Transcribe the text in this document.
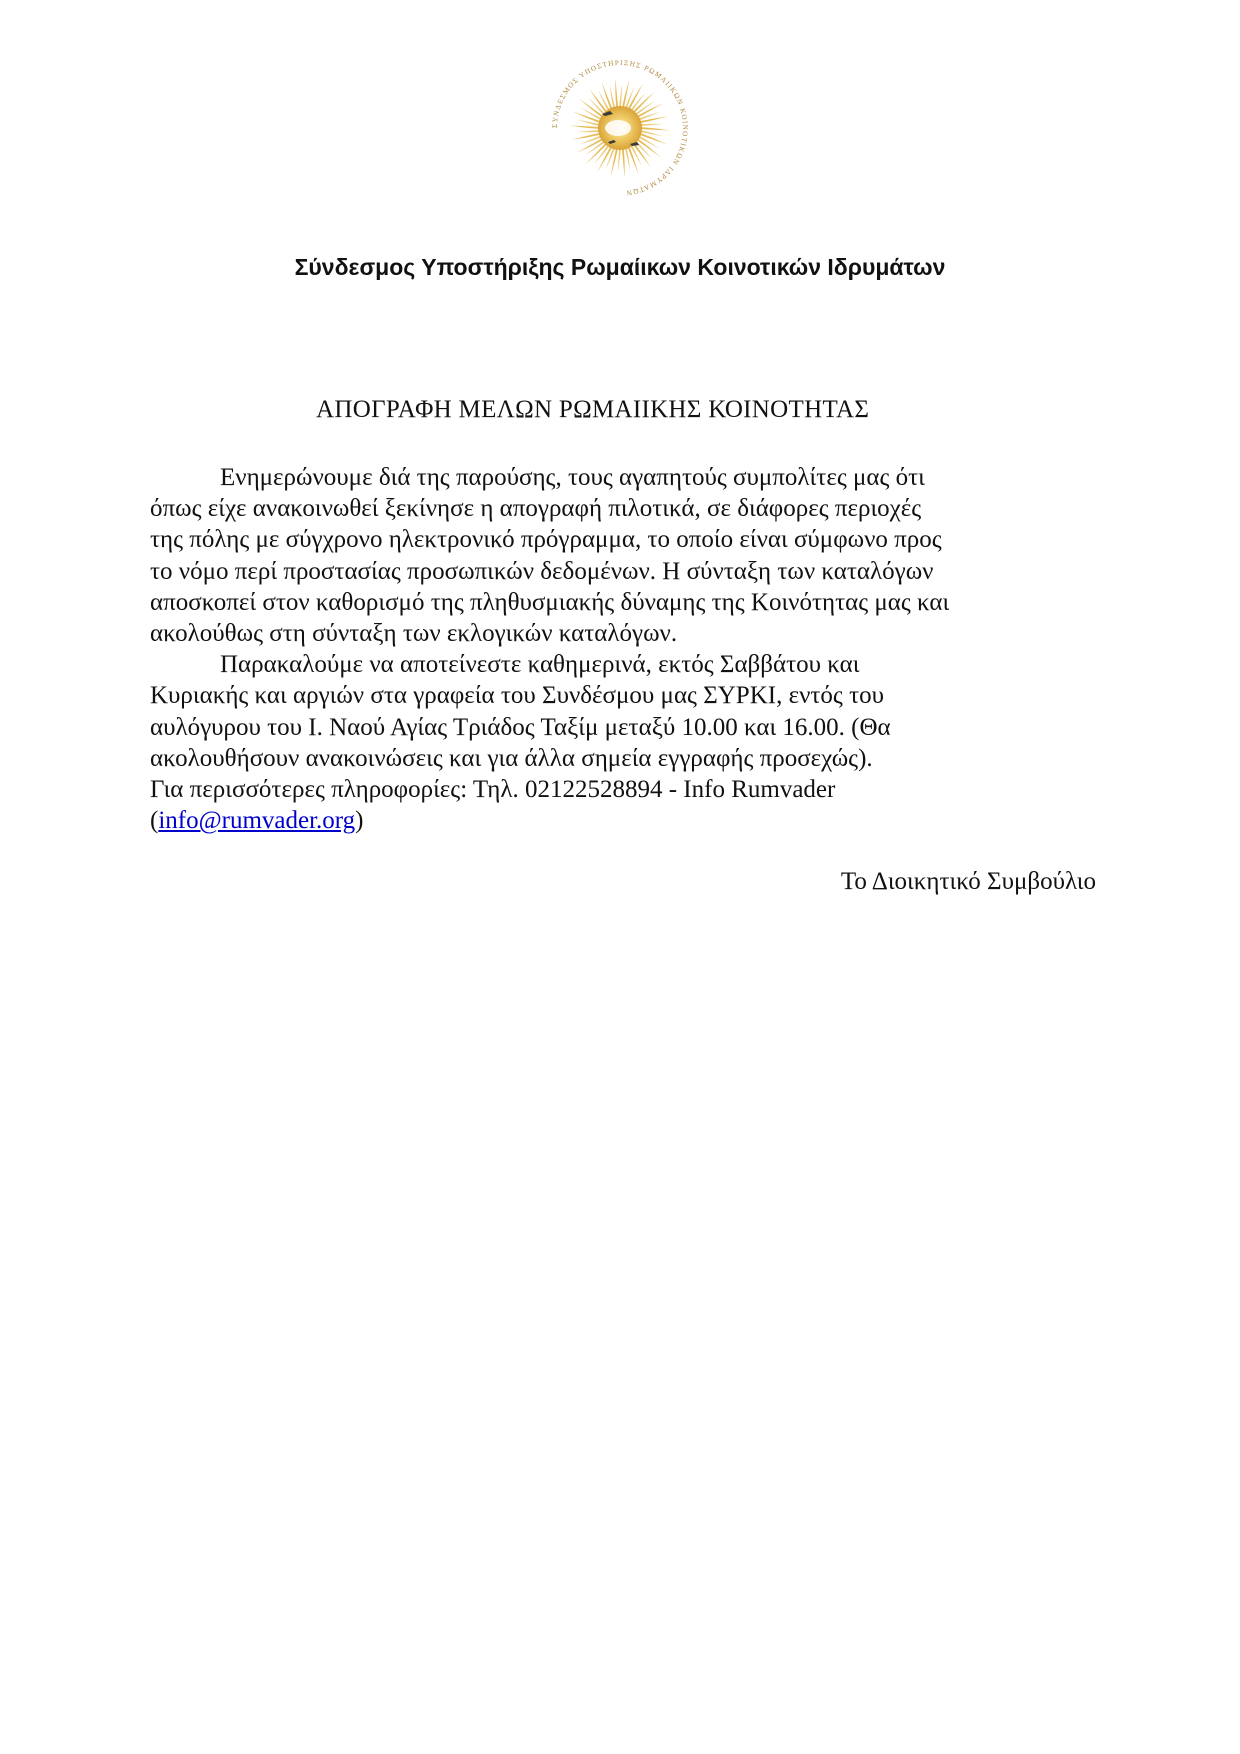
ΣΥΝΔΕΣΜΟΣ ΥΠΟΣΤΗΡΙΞΗΣ ΡΩΜΑΙΙΚΩΝ ΚΟΙΝΟΤΙΚΩΝ ΙΔΡΥΜΑΤΩΝ
Σύνδεσμος Υποστήριξης Ρωμαίικων Κοινοτικών Ιδρυμάτων
ΑΠΟΓΡΑΦΗ ΜΕΛΩΝ ΡΩΜΑΙΙΚΗΣ ΚΟΙΝΟΤΗΤΑΣ
Ενημερώνουμε διά της παρούσης, τους αγαπητούς συμπολίτες μας ότι
όπως είχε ανακοινωθεί ξεκίνησε η απογραφή πιλοτικά, σε διάφορες περιοχές
της πόλης με σύγχρονο ηλεκτρονικό πρόγραμμα, το οποίο είναι σύμφωνο προς
το νόμο περί προστασίας προσωπικών δεδομένων. Η σύνταξη των καταλόγων
αποσκοπεί στον καθορισμό της πληθυσμιακής δύναμης της Κοινότητας μας και
ακολούθως στη σύνταξη των εκλογικών καταλόγων.
Παρακαλούμε να αποτείνεστε καθημερινά, εκτός Σαββάτου και
Κυριακής και αργιών στα γραφεία του Συνδέσμου μας ΣΥΡΚΙ, εντός του
αυλόγυρου του Ι. Ναού Αγίας Τριάδος Ταξίμ μεταξύ 10.00 και 16.00. (Θα
ακολουθήσουν ανακοινώσεις και για άλλα σημεία εγγραφής προσεχώς).
Για περισσότερες πληροφορίες: Τηλ. 02122528894 - Info Rumvader
(info@rumvader.org)
Το Διοικητικό Συμβούλιο
